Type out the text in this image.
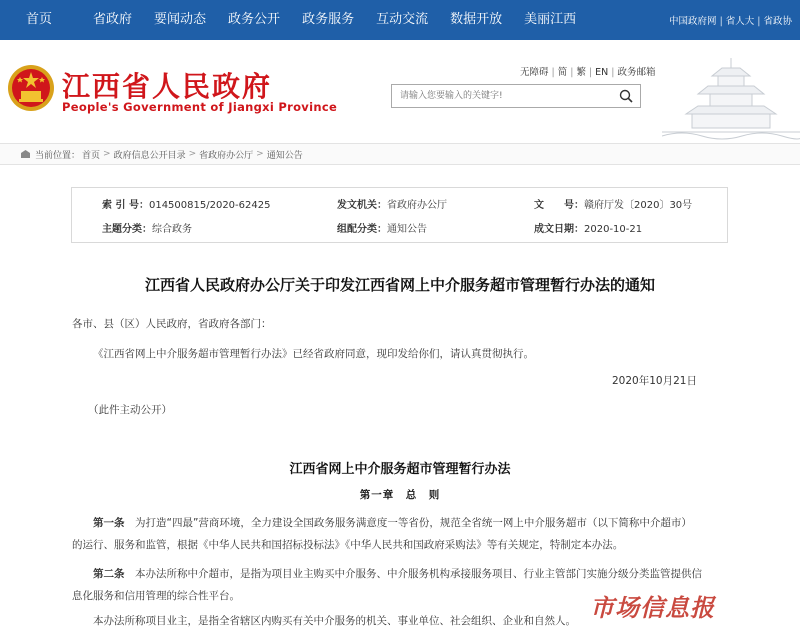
首页	省政府	要闻动态	政务公开	政务服务	互动交流	数据开放	美丽江西	中国政府网 | 省人大 | 省政协
江西省人民政府
People's Government of Jiangxi Province
无障碍 | 简 | 繁 | EN | 政务邮箱
请输入您要输入的关键字!
当前位置： 首页 > 政府信息公开目录 > 省政府办公厅 > 通知公告
索 引 号：014500815/2020-62425	发文机关：省政府办公厅	文　　号：赣府厅发〔2020〕30号
主题分类：综合政务	组配分类：通知公告	成文日期：2020-10-21
江西省人民政府办公厅关于印发江西省网上中介服务超市管理暂行办法的通知
各市、县（区）人民政府，省政府各部门：
《江西省网上中介服务超市管理暂行办法》已经省政府同意，现印发给你们，请认真贯彻执行。
2020年10月21日
（此件主动公开）
江西省网上中介服务超市管理暂行办法
第一章　总　则
第一条　为打造“四最”营商环境，全力建设全国政务服务满意度一等省份，规范全省统一网上中介服务超市（以下简称中介超市）
的运行、服务和监管，根据《中华人民共和国招标投标法》《中华人民共和国政府采购法》等有关规定，特制定本办法。
第二条　本办法所称中介超市，是指为项目业主购买中介服务、中介服务机构承接服务项目、行业主管部门实施分级分类监管提供信
息化服务和信用管理的综合性平台。
本办法所称项目业主，是指全省辖区内购买有关中介服务的机关、事业单位、社会组织、企业和自然人。 市场信息报
